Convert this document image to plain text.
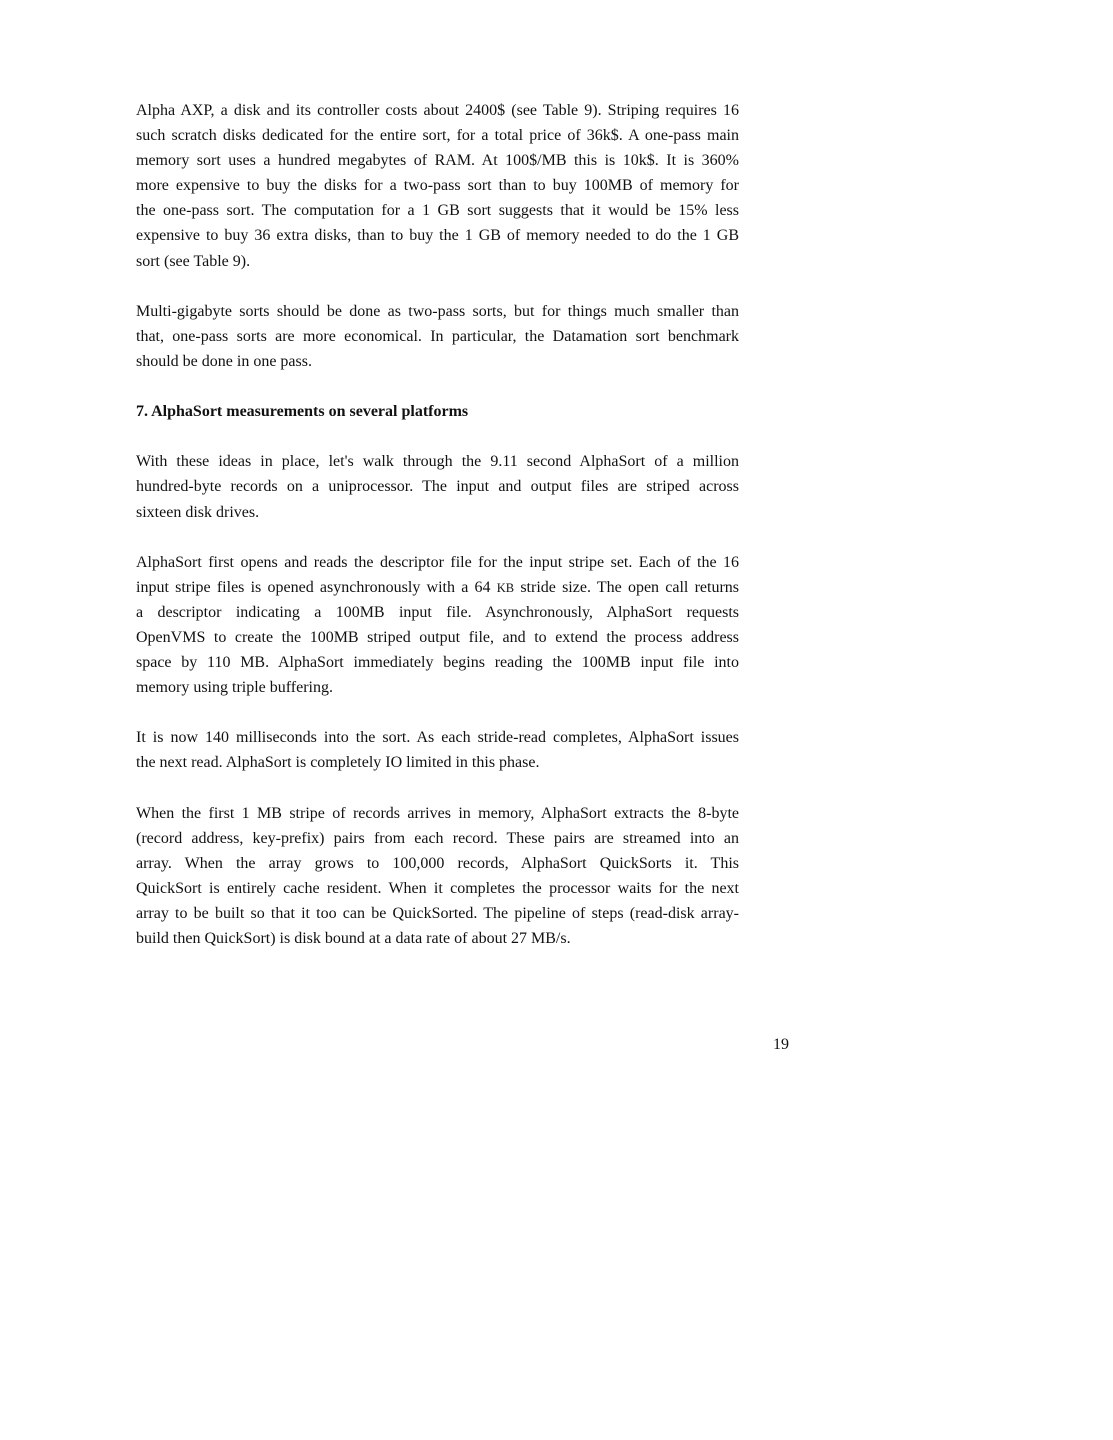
Alpha AXP, a disk and its controller costs about 2400$ (see Table 9). Striping requires 16
such scratch disks dedicated for the entire sort, for a total price of 36k$. A one-pass main
memory sort uses a hundred megabytes of RAM. At 100$/MB this is 10k$. It is 360%
more expensive to buy the disks for a two-pass sort than to buy 100MB of memory for
the one-pass sort. The computation for a 1 GB sort suggests that it would be 15% less
expensive to buy 36 extra disks, than to buy the 1 GB of memory needed to do the 1 GB
sort (see Table 9).
Multi-gigabyte sorts should be done as two-pass sorts, but for things much smaller than
that, one-pass sorts are more economical. In particular, the Datamation sort benchmark
should be done in one pass.
7. AlphaSort measurements on several platforms
With these ideas in place, let's walk through the 9.11 second AlphaSort of a million
hundred-byte records on a uniprocessor. The input and output files are striped across
sixteen disk drives.
AlphaSort first opens and reads the descriptor file for the input stripe set. Each of the 16
input stripe files is opened asynchronously with a 64 KB stride size. The open call returns
a descriptor indicating a 100MB input file. Asynchronously, AlphaSort requests
OpenVMS to create the 100MB striped output file, and to extend the process address
space by 110 MB. AlphaSort immediately begins reading the 100MB input file into
memory using triple buffering.
It is now 140 milliseconds into the sort. As each stride-read completes, AlphaSort issues
the next read. AlphaSort is completely IO limited in this phase.
When the first 1 MB stripe of records arrives in memory, AlphaSort extracts the 8-byte
(record address, key-prefix) pairs from each record. These pairs are streamed into an
array. When the array grows to 100,000 records, AlphaSort QuickSorts it. This
QuickSort is entirely cache resident. When it completes the processor waits for the next
array to be built so that it too can be QuickSorted. The pipeline of steps (read-disk array-
build then QuickSort) is disk bound at a data rate of about 27 MB/s.
19
